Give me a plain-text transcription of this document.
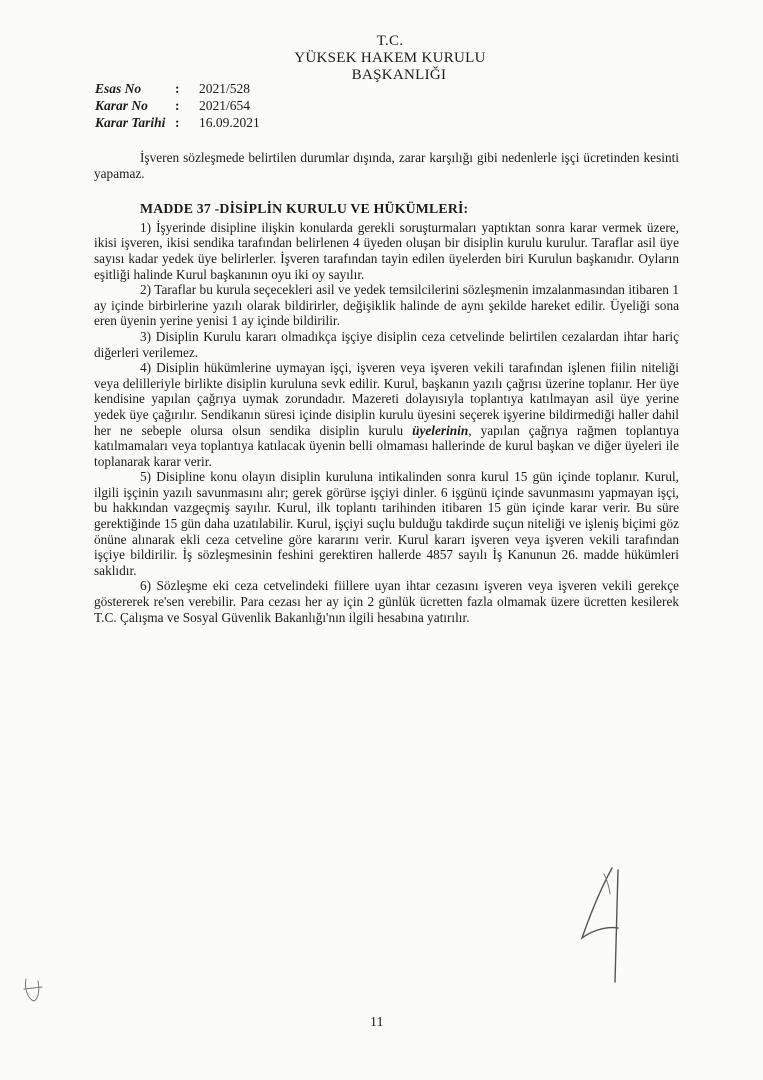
T.C.
YÜKSEK HAKEM KURULU
BAŞKANLIĞI
Esas No	:	2021/528
Karar No	:	2021/654
Karar Tarihi :	16.09.2021

İşveren sözleşmede belirtilen durumlar dışında, zarar karşılığı gibi nedenlerle işçi ücretinden kesinti yapamaz.

MADDE 37 -DİSİPLİN KURULU VE HÜKÜMLERİ:

1) İşyerinde disipline ilişkin konularda gerekli soruşturmaları yaptıktan sonra karar vermek üzere, ikisi işveren, ikisi sendika tarafından belirlenen 4 üyeden oluşan bir disiplin kurulu kurulur. Taraflar asil üye sayısı kadar yedek üye belirlerler. İşveren tarafından tayin edilen üyelerden biri Kurulun başkanıdır. Oyların eşitliği halinde Kurul başkanının oyu iki oy sayılır.

2) Taraflar bu kurula seçecekleri asil ve yedek temsilcilerini sözleşmenin imzalanmasından itibaren 1 ay içinde birbirlerine yazılı olarak bildirirler, değişiklik halinde de aynı şekilde hareket edilir. Üyeliği sona eren üyenin yerine yenisi 1 ay içinde bildirilir.

3) Disiplin Kurulu kararı olmadıkça işçiye disiplin ceza cetvelinde belirtilen cezalardan ihtar hariç diğerleri verilemez.

4) Disiplin hükümlerine uymayan işçi, işveren veya işveren vekili tarafından işlenen fiilin niteliği veya delilleriyle birlikte disiplin kuruluna sevk edilir. Kurul, başkanın yazılı çağrısı üzerine toplanır. Her üye kendisine yapılan çağrıya uymak zorundadır. Mazereti dolayısıyla toplantıya katılmayan asil üye yerine yedek üye çağırılır. Sendikanın süresi içinde disiplin kurulu üyesini seçerek işyerine bildirmediği haller dahil her ne sebeple olursa olsun sendika disiplin kurulu üyelerinin, yapılan çağrıya rağmen toplantıya katılmamaları veya toplantıya katılacak üyenin belli olmaması hallerinde de kurul başkan ve diğer üyeleri ile toplanarak karar verir.

5) Disipline konu olayın disiplin kuruluna intikalinden sonra kurul 15 gün içinde toplanır. Kurul, ilgili işçinin yazılı savunmasını alır; gerek görürse işçiyi dinler. 6 işgünü içinde savunmasını yapmayan işçi, bu hakkından vazgeçmiş sayılır. Kurul, ilk toplantı tarihinden itibaren 15 gün içinde karar verir. Bu süre gerektiğinde 15 gün daha uzatılabilir. Kurul, işçiyi suçlu bulduğu takdirde suçun niteliği ve işleniş biçimi göz önüne alınarak ekli ceza cetveline göre kararını verir. Kurul kararı işveren veya işveren vekili tarafından işçiye bildirilir. İş sözleşmesinin feshini gerektiren hallerde 4857 sayılı İş Kanunun 26. madde hükümleri saklıdır.

6) Sözleşme eki ceza cetvelindeki fiillere uyan ihtar cezasını işveren veya işveren vekili gerekçe göstererek re'sen verebilir. Para cezası her ay için 2 günlük ücretten fazla olmamak üzere ücretten kesilerek T.C. Çalışma ve Sosyal Güvenlik Bakanlığı'nın ilgili hesabına yatırılır.

11
